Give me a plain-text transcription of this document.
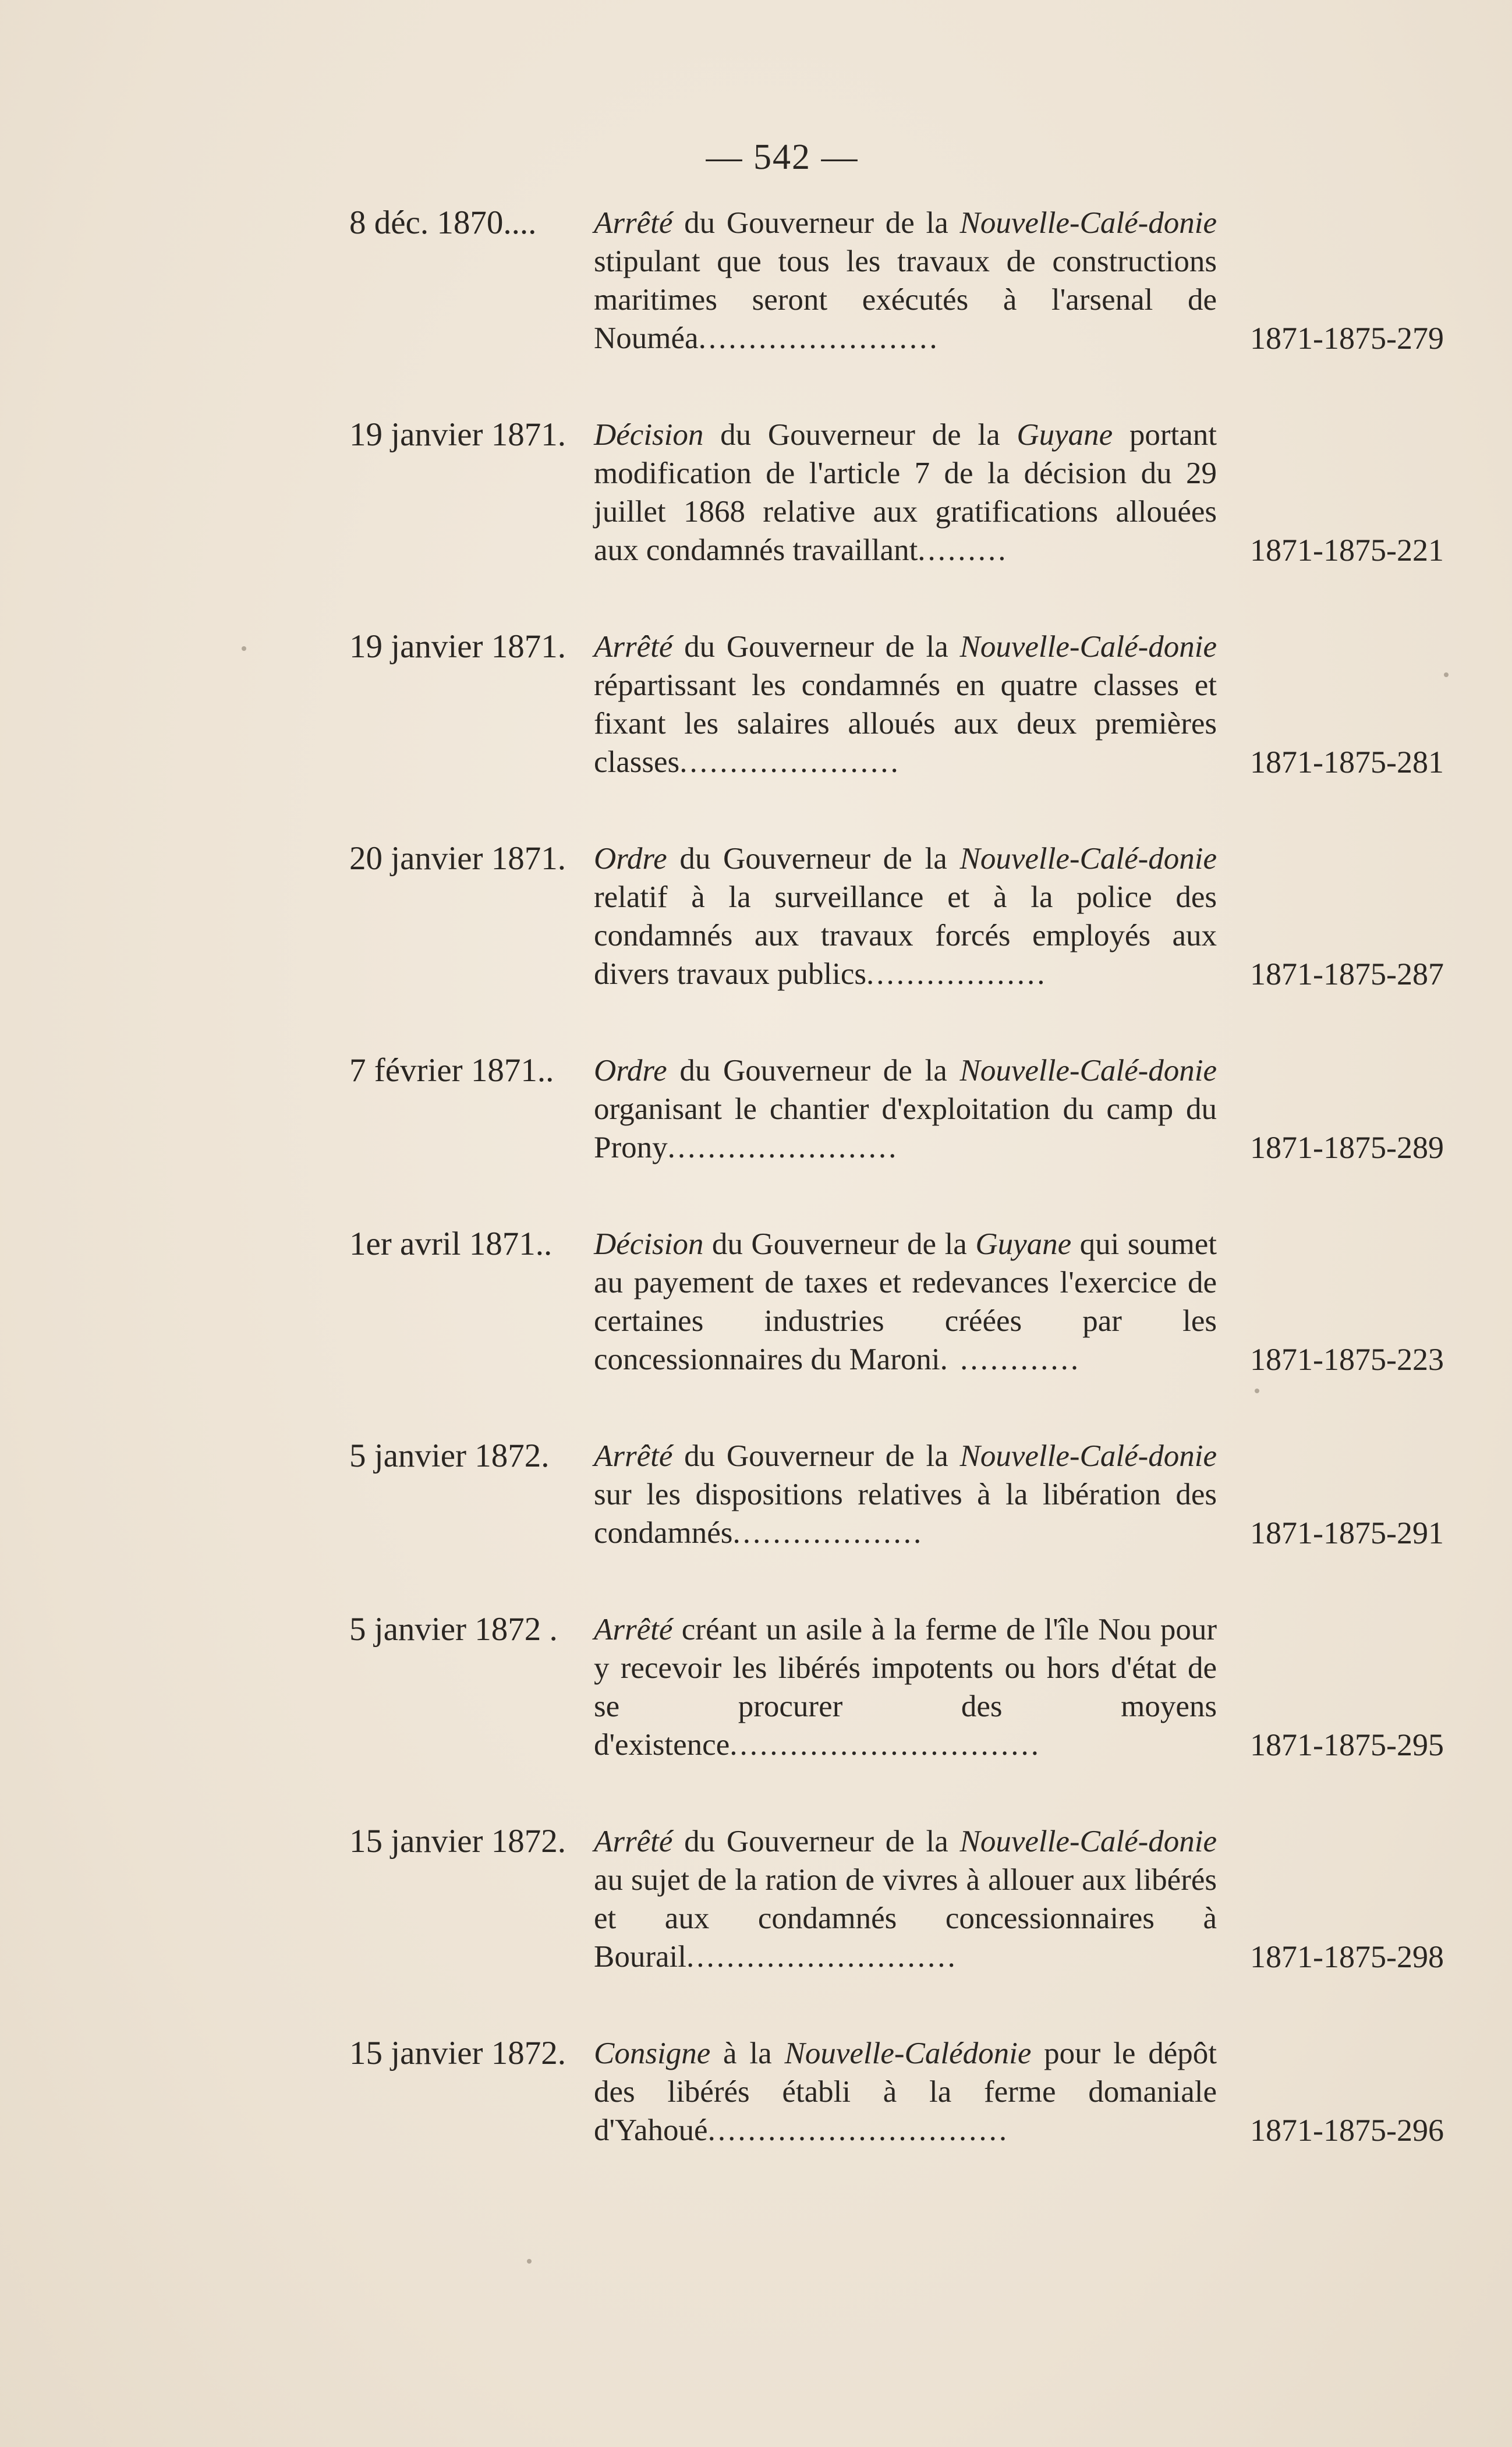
— 542 —
8 déc. 1870....	Arrêté du Gouverneur de la Nouvelle-Calé-donie stipulant que tous les travaux de constructions maritimes seront exécutés à l'arsenal de Nouméa........................	1871-1875-279
19 janvier 1871. Décision du Gouverneur de la Guyane portant modification de l'article 7 de la décision du 29 juillet 1868 relative aux gratifications allouées aux condamnés travaillant.........	1871-1875-221
19 janvier 1871. Arrêté du Gouverneur de la Nouvelle-Calé-donie répartissant les condamnés en quatre classes et fixant les salaires alloués aux deux premières classes......................	1871-1875-281
20 janvier 1871. Ordre du Gouverneur de la Nouvelle-Calé-donie relatif à la surveillance et à la police des condamnés aux travaux forcés employés aux divers travaux publics..................	1871-1875-287
7 février 1871..	Ordre du Gouverneur de la Nouvelle-Calé-donie organisant le chantier d'exploitation du camp du Prony.......................	1871-1875-289
1er avril 1871..	Décision du Gouverneur de la Guyane qui soumet au payement de taxes et redevances l'exercice de certaines industries créées par les concessionnaires du Maroni. ............	1871-1875-223
5 janvier 1872.	Arrêté du Gouverneur de la Nouvelle-Calé-donie sur les dispositions relatives à la libération des condamnés...................	1871-1875-291
5 janvier 1872 .	Arrêté créant un asile à la ferme de l'île Nou pour y recevoir les libérés impotents ou hors d'état de se procurer des moyens d'existence...............................	1871-1875-295
15 janvier 1872. Arrêté du Gouverneur de la Nouvelle-Calé-donie au sujet de la ration de vivres à allouer aux libérés et aux condamnés concessionnaires à Bourail...........................	1871-1875-298
15 janvier 1872. Consigne à la Nouvelle-Calédonie pour le dépôt des libérés établi à la ferme domaniale d'Yahoué..............................	1871-1875-296
